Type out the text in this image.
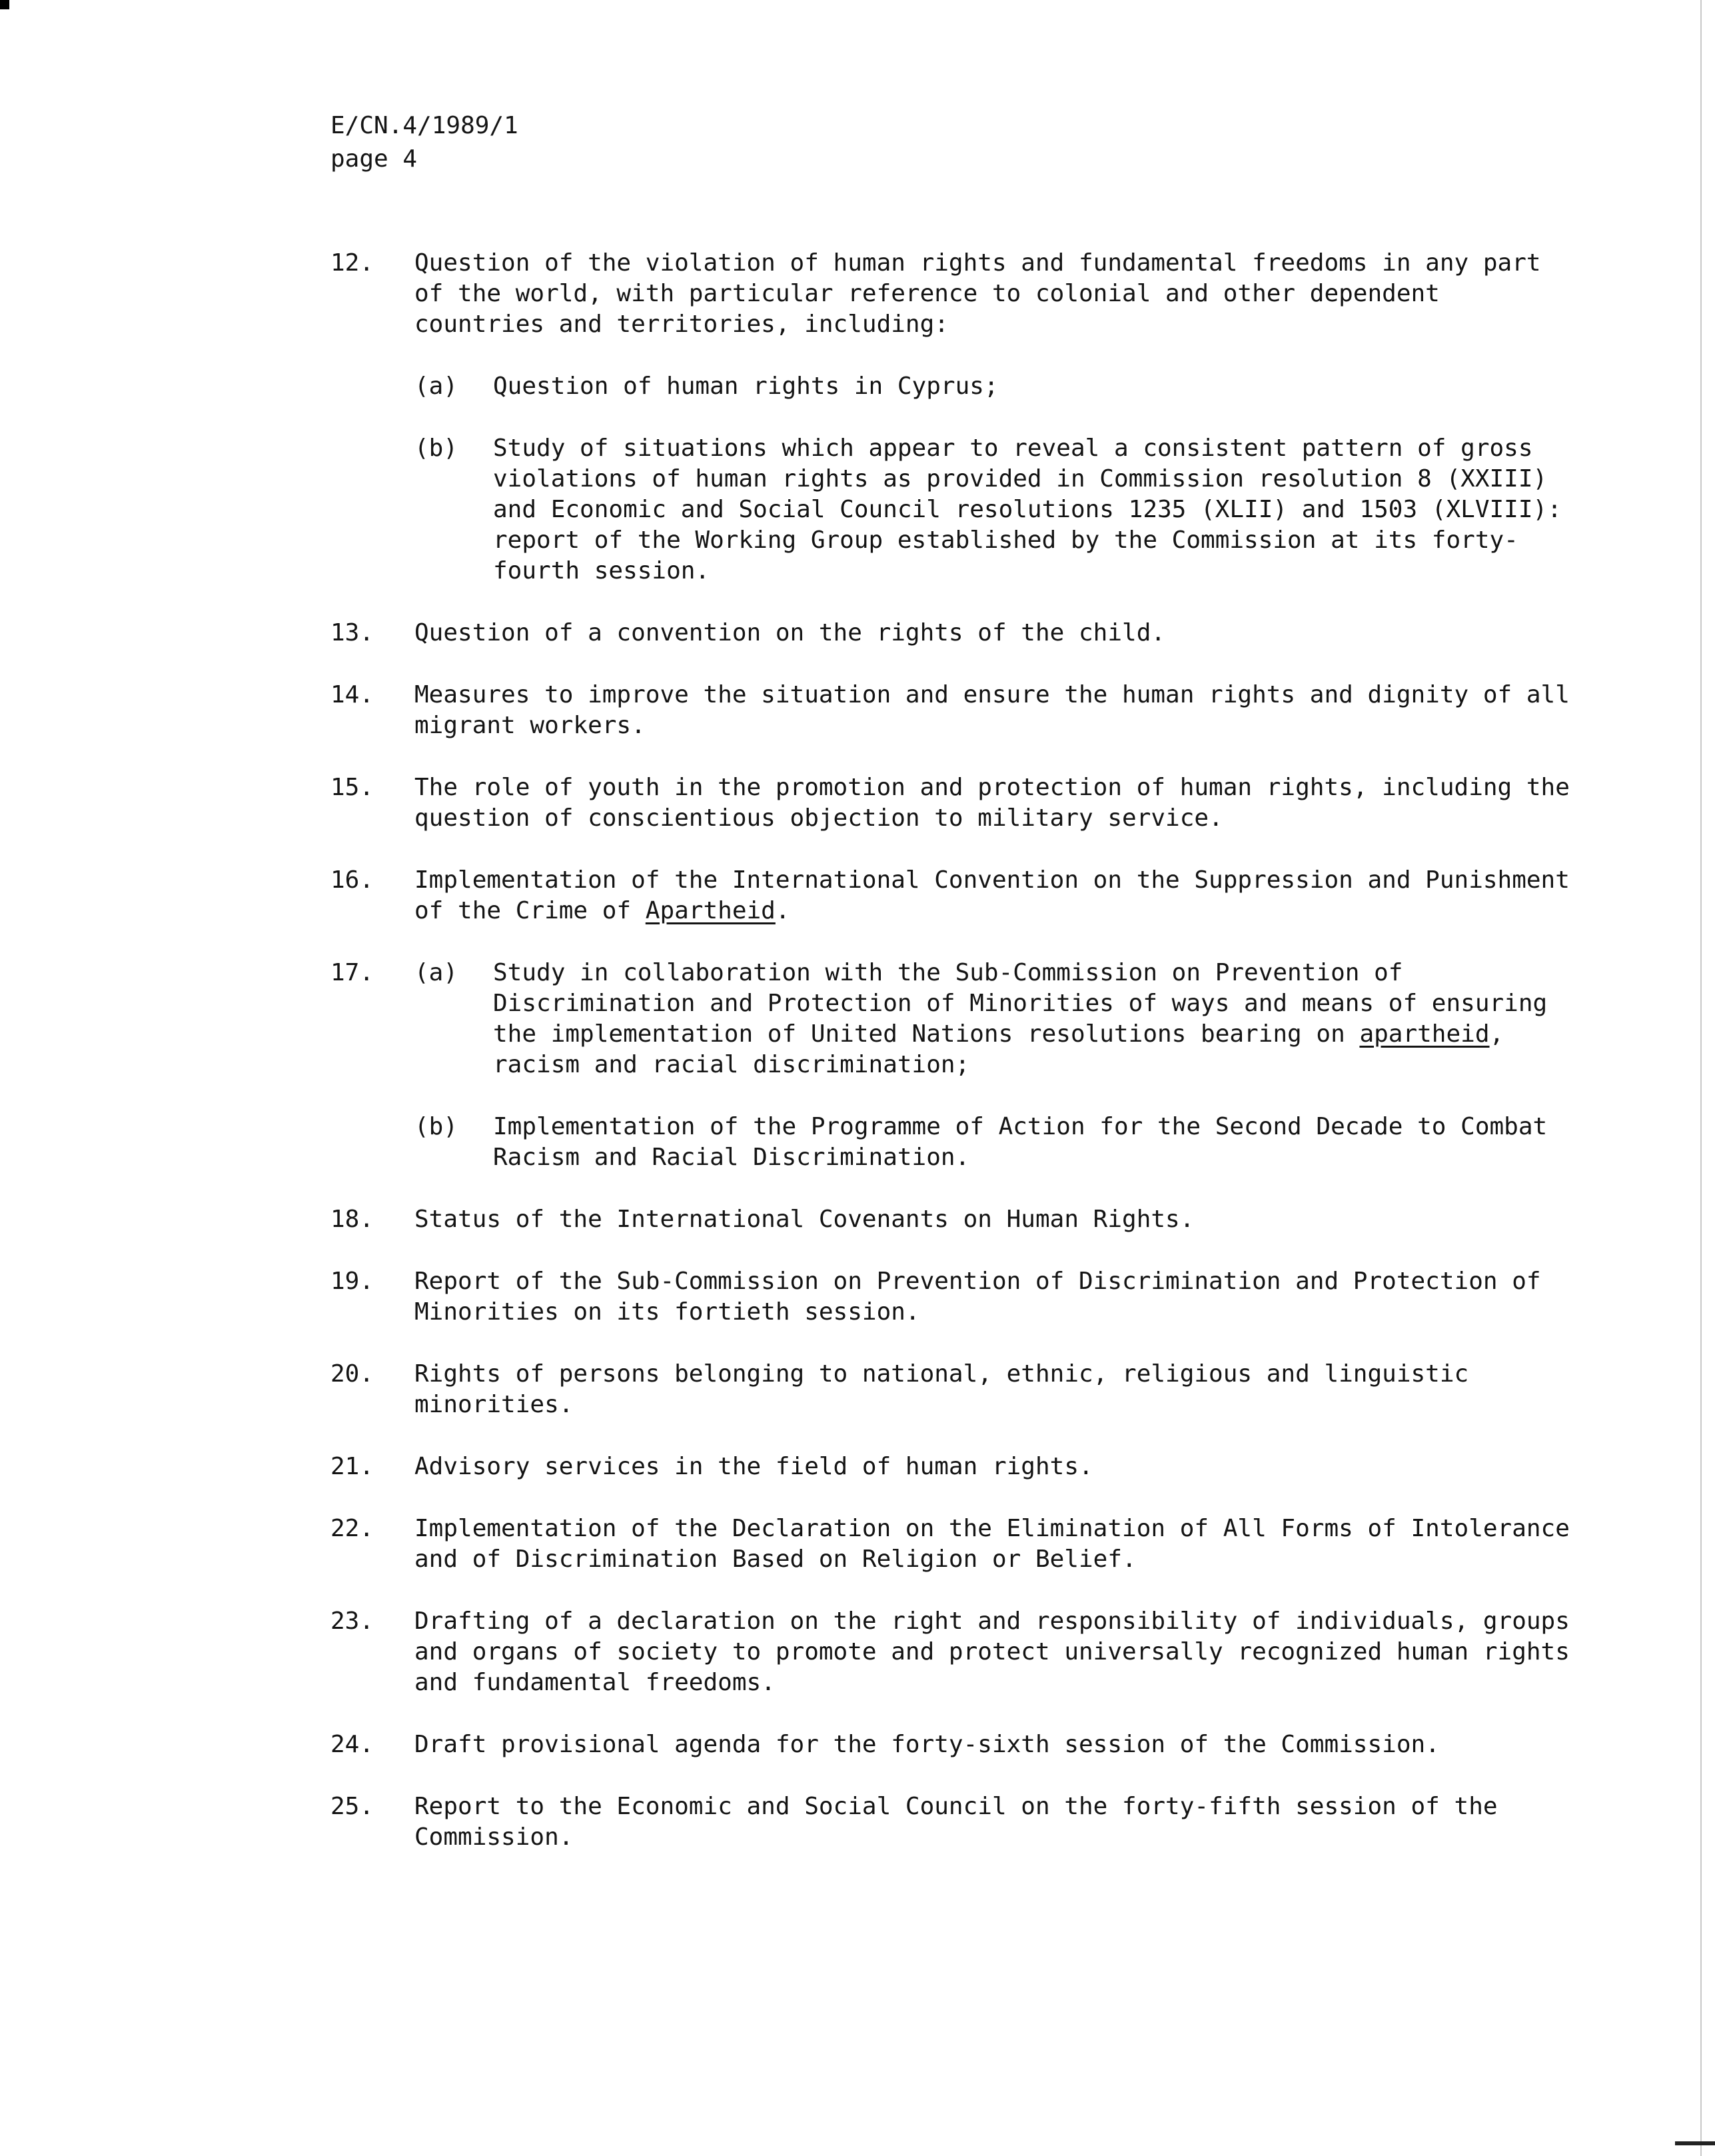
E/CN.4/1989/1
page 4
12.	Question of the violation of human rights and fundamental freedoms in any part of the world, with particular reference to colonial and other dependent countries and territories, including:
(a)	Question of human rights in Cyprus;
(b)	Study of situations which appear to reveal a consistent pattern of gross violations of human rights as provided in Commission resolution 8 (XXIII) and Economic and Social Council resolutions 1235 (XLII) and 1503 (XLVIII): report of the Working Group established by the Commission at its forty-fourth session.
13.	Question of a convention on the rights of the child.
14.	Measures to improve the situation and ensure the human rights and dignity of all migrant workers.
15.	The role of youth in the promotion and protection of human rights, including the question of conscientious objection to military service.
16.	Implementation of the International Convention on the Suppression and Punishment of the Crime of Apartheid.
17.	(a)	Study in collaboration with the Sub-Commission on Prevention of Discrimination and Protection of Minorities of ways and means of ensuring the implementation of United Nations resolutions bearing on apartheid, racism and racial discrimination;
(b)	Implementation of the Programme of Action for the Second Decade to Combat Racism and Racial Discrimination.
18.	Status of the International Covenants on Human Rights.
19.	Report of the Sub-Commission on Prevention of Discrimination and Protection of Minorities on its fortieth session.
20.	Rights of persons belonging to national, ethnic, religious and linguistic minorities.
21.	Advisory services in the field of human rights.
22.	Implementation of the Declaration on the Elimination of All Forms of Intolerance and of Discrimination Based on Religion or Belief.
23.	Drafting of a declaration on the right and responsibility of individuals, groups and organs of society to promote and protect universally recognized human rights and fundamental freedoms.
24.	Draft provisional agenda for the forty-sixth session of the Commission.
25.	Report to the Economic and Social Council on the forty-fifth session of the Commission.
